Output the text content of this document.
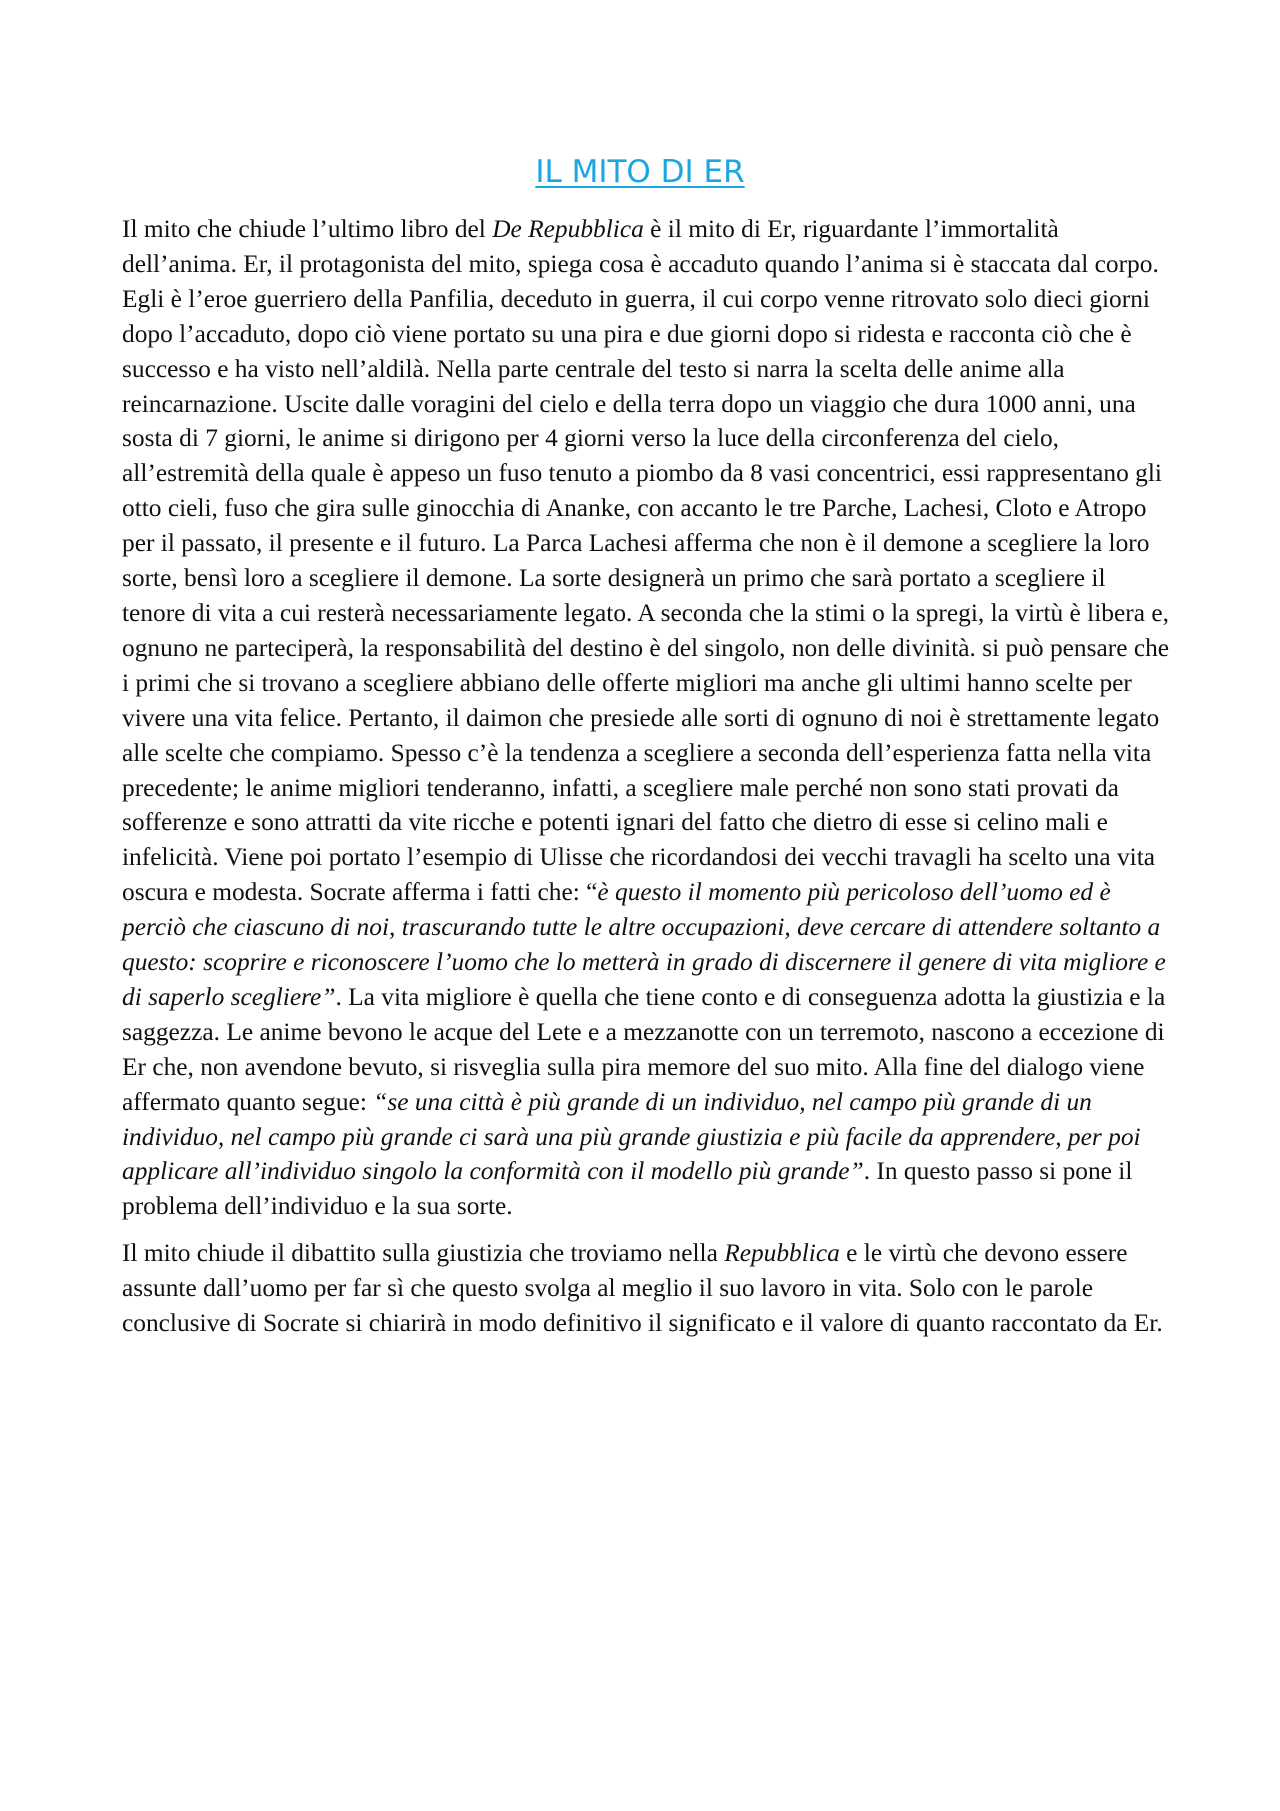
IL MITO DI ER

Il mito che chiude l’ultimo libro del De Repubblica è il mito di Er, riguardante l’immortalità dell’anima. Er, il protagonista del mito, spiega cosa è accaduto quando l’anima si è staccata dal corpo. Egli è l’eroe guerriero della Panfilia, deceduto in guerra, il cui corpo venne ritrovato solo dieci giorni dopo l’accaduto, dopo ciò viene portato su una pira e due giorni dopo si ridesta e racconta ciò che è successo e ha visto nell’aldilà. Nella parte centrale del testo si narra la scelta delle anime alla reincarnazione. Uscite dalle voragini del cielo e della terra dopo un viaggio che dura 1000 anni, una sosta di 7 giorni, le anime si dirigono per 4 giorni verso la luce della circonferenza del cielo, all’estremità della quale è appeso un fuso tenuto a piombo da 8 vasi concentrici, essi rappresentano gli otto cieli, fuso che gira sulle ginocchia di Ananke, con accanto le tre Parche, Lachesi, Cloto e Atropo per il passato, il presente e il futuro. La Parca Lachesi afferma che non è il demone a scegliere la loro sorte, bensì loro a scegliere il demone. La sorte designerà un primo che sarà portato a scegliere il tenore di vita a cui resterà necessariamente legato. A seconda che la stimi o la spregi, la virtù è libera e, ognuno ne parteciperà, la responsabilità del destino è del singolo, non delle divinità. si può pensare che i primi che si trovano a scegliere abbiano delle offerte migliori ma anche gli ultimi hanno scelte per vivere una vita felice. Pertanto, il daimon che presiede alle sorti di ognuno di noi è strettamente legato alle scelte che compiamo. Spesso c’è la tendenza a scegliere a seconda dell’esperienza fatta nella vita precedente; le anime migliori tenderanno, infatti, a scegliere male perché non sono stati provati da sofferenze e sono attratti da vite ricche e potenti ignari del fatto che dietro di esse si celino mali e infelicità. Viene poi portato l’esempio di Ulisse che ricordandosi dei vecchi travagli ha scelto una vita oscura e modesta. Socrate afferma i fatti che: “è questo il momento più pericoloso dell’uomo ed è perciò che ciascuno di noi, trascurando tutte le altre occupazioni, deve cercare di attendere soltanto a questo: scoprire e riconoscere l’uomo che lo metterà in grado di discernere il genere di vita migliore e di saperlo scegliere”. La vita migliore è quella che tiene conto e di conseguenza adotta la giustizia e la saggezza. Le anime bevono le acque del Lete e a mezzanotte con un terremoto, nascono a eccezione di Er che, non avendone bevuto, si risveglia sulla pira memore del suo mito. Alla fine del dialogo viene affermato quanto segue: “se una città è più grande di un individuo, nel campo più grande di un individuo, nel campo più grande ci sarà una più grande giustizia e più facile da apprendere, per poi applicare all’individuo singolo la conformità con il modello più grande”. In questo passo si pone il problema dell’individuo e la sua sorte.

Il mito chiude il dibattito sulla giustizia che troviamo nella Repubblica e le virtù che devono essere assunte dall’uomo per far sì che questo svolga al meglio il suo lavoro in vita. Solo con le parole conclusive di Socrate si chiarirà in modo definitivo il significato e il valore di quanto raccontato da Er.
